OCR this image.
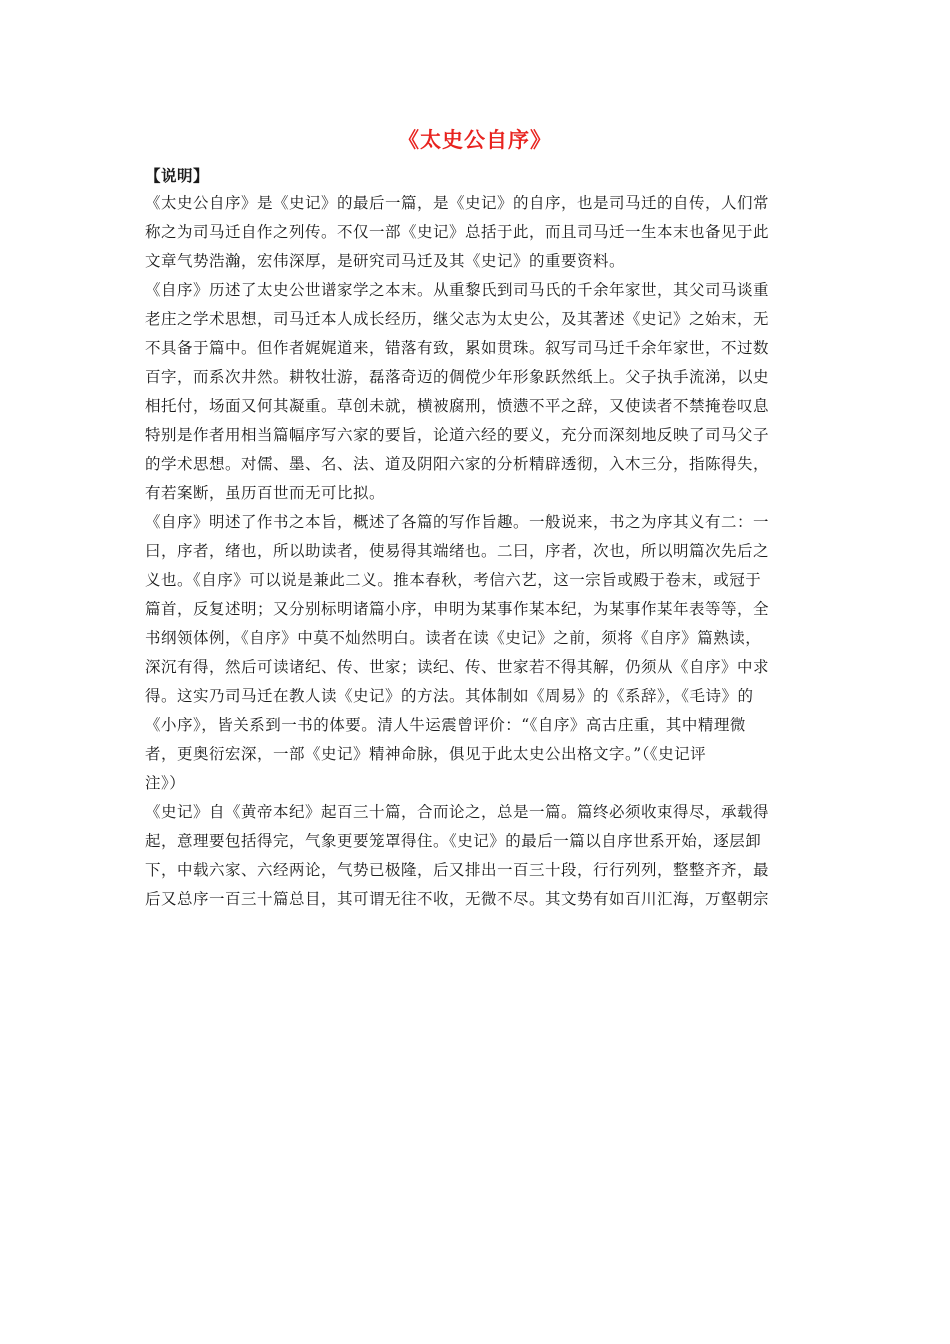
《太史公自序》
【说明】
《太史公自序》是《史记》的最后一篇，是《史记》的自序，也是司马迁的自传，人们常
称之为司马迁自作之列传。不仅一部《史记》总括于此，而且司马迁一生本末也备见于此
文章气势浩瀚，宏伟深厚，是研究司马迁及其《史记》的重要资料。
《自序》历述了太史公世谱家学之本末。从重黎氏到司马氏的千余年家世，其父司马谈重
老庄之学术思想，司马迁本人成长经历，继父志为太史公，及其著述《史记》之始末，无
不具备于篇中。但作者娓娓道来，错落有致，累如贯珠。叙写司马迁千余年家世，不过数
百字，而系次井然。耕牧壮游，磊落奇迈的倜傥少年形象跃然纸上。父子执手流涕，以史
相托付，场面又何其凝重。草创未就，横被腐刑，愤懑不平之辞，又使读者不禁掩卷叹息
特别是作者用相当篇幅序写六家的要旨，论道六经的要义，充分而深刻地反映了司马父子
的学术思想。对儒、墨、名、法、道及阴阳六家的分析精辟透彻，入木三分，指陈得失，
有若案断，虽历百世而无可比拟。
《自序》明述了作书之本旨，概述了各篇的写作旨趣。一般说来，书之为序其义有二：一
曰，序者，绪也，所以助读者，使易得其端绪也。二曰，序者，次也，所以明篇次先后之
义也。《自序》可以说是兼此二义。推本春秋，考信六艺，这一宗旨或殿于卷末，或冠于
篇首，反复述明；又分别标明诸篇小序，申明为某事作某本纪，为某事作某年表等等，全
书纲领体例，《自序》中莫不灿然明白。读者在读《史记》之前，须将《自序》篇熟读，
深沉有得，然后可读诸纪、传、世家；读纪、传、世家若不得其解，仍须从《自序》中求
得。这实乃司马迁在教人读《史记》的方法。其体制如《周易》的《系辞》，《毛诗》的
《小序》，皆关系到一书的体要。清人牛运震曾评价：“《自序》高古庄重，其中精理微
者，更奥衍宏深，一部《史记》精神命脉，俱见于此太史公出格文字。”（《史记评
注》）
《史记》自《黄帝本纪》起百三十篇，合而论之，总是一篇。篇终必须收束得尽，承载得
起，意理要包括得完，气象更要笼罩得住。《史记》的最后一篇以自序世系开始，逐层卸
下，中载六家、六经两论，气势已极隆，后又排出一百三十段，行行列列，整整齐齐，最
后又总序一百三十篇总目，其可谓无往不收，无微不尽。其文势有如百川汇海，万壑朝宗
